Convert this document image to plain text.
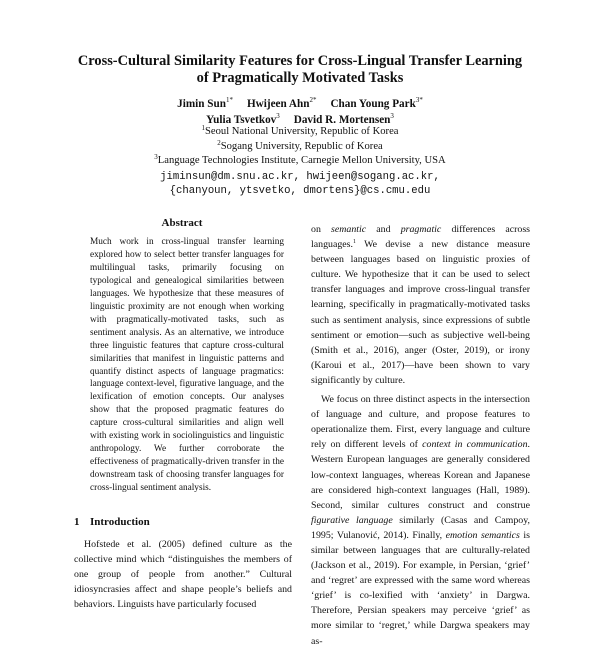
Cross-Cultural Similarity Features for Cross-Lingual Transfer Learning
of Pragmatically Motivated Tasks
Jimin Sun$^{1*}$ Hwijeen Ahn$^{2*}$ Chan Young Park$^{3*}$
Yulia Tsvetkov$^3$ David R. Mortensen$^3$
$^1$Seoul National University, Republic of Korea
$^2$Sogang University, Republic of Korea
$^3$Language Technologies Institute, Carnegie Mellon University, USA
jiminsun@dm.snu.ac.kr, hwijeen@sogang.ac.kr,
{chanyoun, ytsvetko, dmortens}@cs.cmu.edu
Abstract

Much work in cross-lingual transfer learning explored how to select better transfer languages for multilingual tasks, primarily focusing on typological and genealogical similarities between languages. We hypothesize that these measures of linguistic proximity are not enough when working with pragmatically-motivated tasks, such as sentiment analysis. As an alternative, we introduce three linguistic features that capture cross-cultural similarities that manifest in linguistic patterns and quantify distinct aspects of language pragmatics: language context-level, figurative language, and the lexification of emotion concepts. Our analyses show that the proposed pragmatic features do capture cross-cultural similarities and align well with existing work in sociolinguistics and linguistic anthropology. We further corroborate the effectiveness of pragmatically-driven transfer in the downstream task of choosing transfer languages for cross-lingual sentiment analysis.

1 Introduction

Hofstede et al. (2005) defined culture as the collective mind which “distinguishes the members of one group of people from another.” Cultural idiosyncrasies affect and shape people’s beliefs and behaviors. Linguists have particularly focused

on semantic and pragmatic differences across languages.$^1$ We devise a new distance measure between languages based on linguistic proxies of culture. We hypothesize that it can be used to select transfer languages and improve cross-lingual transfer learning, specifically in pragmatically-motivated tasks such as sentiment analysis, since expressions of subtle sentiment or emotion—such as subjective well-being (Smith et al., 2016), anger (Oster, 2019), or irony (Karoui et al., 2017)—have been shown to vary significantly by culture.

We focus on three distinct aspects in the intersection of language and culture, and propose features to operationalize them. First, every language and culture rely on different levels of context in communication. Western European languages are generally considered low-context languages, whereas Korean and Japanese are considered high-context languages (Hall, 1989). Second, similar cultures construct and construe figurative language similarly (Casas and Campoy, 1995; Vulanović, 2014). Finally, emotion semantics is similar between languages that are culturally-related (Jackson et al., 2019). For example, in Persian, ‘grief’ and ‘regret’ are expressed with the same word whereas ‘grief’ is co-lexified with ‘anxiety’ in Dargwa. Therefore, Persian speakers may perceive ‘grief’ as more similar to ‘regret,’ while Dargwa speakers may as-
